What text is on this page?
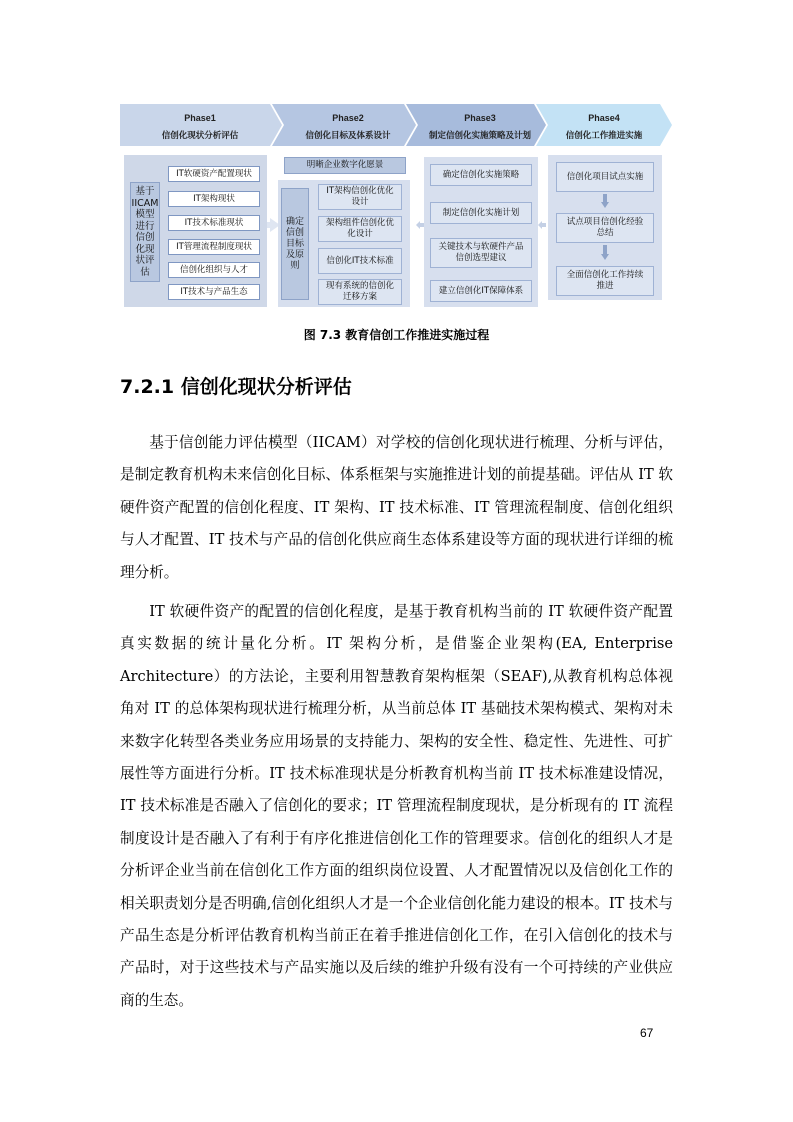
Phase1
信创化现状分析评估
Phase2
信创化目标及体系设计
Phase3
制定信创化实施策略及计划
Phase4
信创化工作推进实施
基于IICAM模型进行信创化现状评估
IT软硬资产配置现状
IT架构现状
IT技术标准现状
IT管理流程制度现状
信创化组织与人才
IT技术与产品生态
明晰企业数字化愿景
确定信创目标及原则
IT架构信创化优化设计
架构组件信创化优化设计
信创化IT技术标准
现有系统的信创化迁移方案
确定信创化实施策略
制定信创化实施计划
关键技术与软硬件产品信创选型建议
建立信创化IT保障体系
信创化项目试点实施
试点项目信创化经验总结
全面信创化工作持续推进
图 7.3 教育信创工作推进实施过程
7.2.1 信创化现状分析评估

基于信创能力评估模型（IICAM）对学校的信创化现状进行梳理、分析与评估，是制定教育机构未来信创化目标、体系框架与实施推进计划的前提基础。评估从 IT 软硬件资产配置的信创化程度、IT 架构、IT 技术标准、IT 管理流程制度、信创化组织与人才配置、IT 技术与产品的信创化供应商生态体系建设等方面的现状进行详细的梳理分析。

IT 软硬件资产的配置的信创化程度，是基于教育机构当前的 IT 软硬件资产配置真实数据的统计量化分析。IT 架构分析，是借鉴企业架构(EA, Enterprise Architecture）的方法论，主要利用智慧教育架构框架（SEAF),从教育机构总体视角对 IT 的总体架构现状进行梳理分析，从当前总体 IT 基础技术架构模式、架构对未来数字化转型各类业务应用场景的支持能力、架构的安全性、稳定性、先进性、可扩展性等方面进行分析。IT 技术标准现状是分析教育机构当前 IT 技术标准建设情况，IT 技术标准是否融入了信创化的要求；IT 管理流程制度现状，是分析现有的 IT 流程制度设计是否融入了有利于有序化推进信创化工作的管理要求。信创化的组织人才是分析评企业当前在信创化工作方面的组织岗位设置、人才配置情况以及信创化工作的相关职责划分是否明确,信创化组织人才是一个企业信创化能力建设的根本。IT 技术与产品生态是分析评估教育机构当前正在着手推进信创化工作，在引入信创化的技术与产品时，对于这些技术与产品实施以及后续的维护升级有没有一个可持续的产业供应商的生态。

67
